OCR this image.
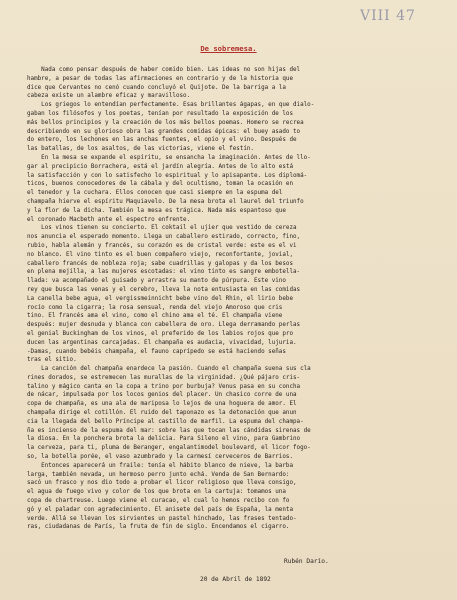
VIII 47
De sobremesa.
Nada como pensar después de haber comido bien. Las ideas no son hijas del
hambre, a pesar de todas las afirmaciones en contrario y de la historia que
dice que Cervantes no cenó cuando concluyó el Quijote. De la barriga a la
cabeza existe un alambre eficaz y maravilloso.
Los griegos lo entendían perfectamente. Esas brillantes ágapas, en que dialo-
gaban los filósofos y los poetas, tenían por resultado la exposición de los
más bellos principios y la creación de los más bellos poemas. Homero se recrea
describiendo en su glorioso obra las grandes comidas épicas: el buey asado to
do entero, los lechones en las anchas fuentes, el opio y el vino. Después de
las batallas, de los asaltos, de las victorias, viene el festín.
En la mesa se expande el espíritu, se ensancha la imaginación. Antes de llo-
gar al precipicio Borrachera, está el jardín alegría. Antes de lo alto está
la satisfacción y con lo satisfecho lo espiritual y lo apisapante. Los diplomá-
ticos, buenos conocedores de la cábala y del ocultismo, toman la ocasión en
el tenedor y la cuchara. Ellos conocen que casi siempre en la espuma del
champaña hierve el espíritu Maquiavelo. De la mesa brota el laurel del triunfo
y la flor de la dicha. También la mesa es trágica. Nada más espantoso que
el coronado Macbeth ante el espectro enfrente.
Los vinos tienen su concierto. El coktail el ujier que vestido de cereza
nos anuncia el esperado momento. Llega un caballero estirado, correcto, fino,
rubio, habla alemán y francés, su corazón es de cristal verde: este es el vi
no blanco. El vino tinto es el buen compañero viejo, reconfortante, jovial,
caballero francés de nobleza roja; sabe cuadrillas y galopas y da los besos
en plena mejilla, a las mujeres escotadas: el vino tinto es sangre embotella-
llada: va acompañado el guisado y arrastra su manto de púrpura. Este vino
rey que busca las venas y el cerebro, lleva la nota entusiasta en las comidas
La canella bebe agua, el vergissmeinnicht bebe vino del Rhin, el lirio bebe
rocío como la cigarra; la rosa sensual, renda del viejo Amoroso que cris
tino. El francés ama el vino, como el chino ama el té. El champaña viene
después: mujer desnuda y blanca con cabellera de oro. Llega derramando perlas
el genial Buckingham de los vinos, el preferido de los labios rojos que pro
ducen las argentinas carcajadas. El champaña es audacia, vivacidad, lujuria.
-Damas, cuando bebéis champaña, el fauno caprípedo se está haciendo señas
tras el sitio.
La canción del champaña enardece la pasión. Cuando el champaña suena sus cla
rines dorados, se estremecen las murallas de la virginidad. ¿Qué pájaro cris-
talino y mágico canta en la copa a trino por burbuja? Venus pasa en su concha
de nácar, impulsada por los locos genios del placer. Un chasico corre de una
copa de champaña, es una ala de mariposa lo lejos de una hoguera de amor. El
champaña dirige el cotillón. El ruido del taponazo es la detonación que anun
cia la llegada del bello Príncipe al castillo de marfil. La espuma del champa-
ña es incienso de la espuma del mar: sobre las que tocan las cándidas sirenas de
la diosa. En la ponchera brota la delicia. Para Sileno el vino, para Gambrino
la cerveza, para ti, pluma de Beranger, engalantimodel boulevard, el licor fogo-
so, la botella porée, el vaso azumbrado y la carmesí cerveceros de Barrios.
Entonces aparecerá un fraile: tenía el hábito blanco de nieve, la barba
larga, también nevada, un hermoso perro junto echá. Venda de San Bernardo:
sacó un frasco y nos dio todo a probar el licor religioso que lleva consigo,
el agua de fuego vivo y color de los que brota en la cartuja: tomamos una
copa de chartreuse. Luego viene el curacao, el cual lo hemos recibo con fo
gó y el paladar con agradecimiento. El anisete del país de España, la menta
verde. Allá se llevan los sirvientes un pastel hinchado, las frases tentado-
ras, ciudadanas de París, la fruta de fin de siglo. Encendamos el cigarro.
Rubén Darío.
20 de Abril de 1892
